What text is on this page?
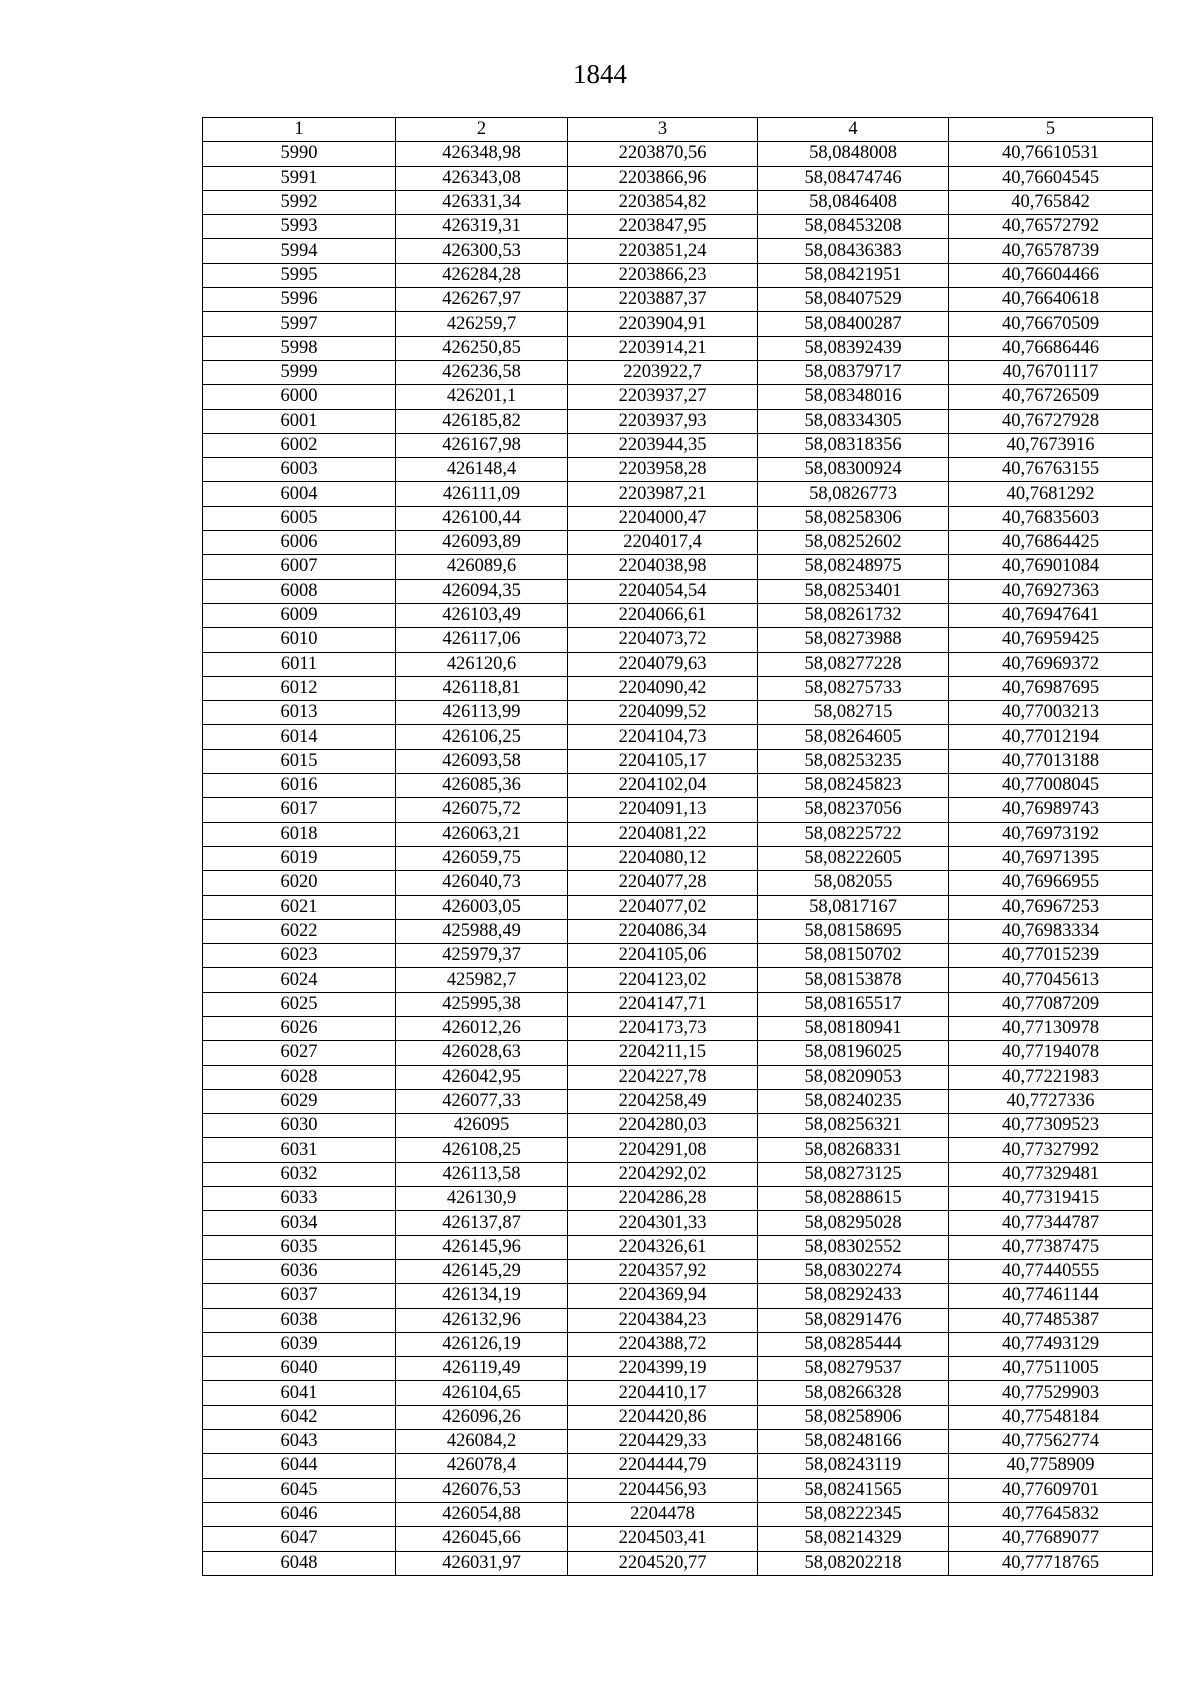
1844
1	2	3	4	5
5990	426348,98	2203870,56	58,0848008	40,76610531
5991	426343,08	2203866,96	58,08474746	40,76604545
5992	426331,34	2203854,82	58,0846408	40,765842
5993	426319,31	2203847,95	58,08453208	40,76572792
5994	426300,53	2203851,24	58,08436383	40,76578739
5995	426284,28	2203866,23	58,08421951	40,76604466
5996	426267,97	2203887,37	58,08407529	40,76640618
5997	426259,7	2203904,91	58,08400287	40,76670509
5998	426250,85	2203914,21	58,08392439	40,76686446
5999	426236,58	2203922,7	58,08379717	40,76701117
6000	426201,1	2203937,27	58,08348016	40,76726509
6001	426185,82	2203937,93	58,08334305	40,76727928
6002	426167,98	2203944,35	58,08318356	40,7673916
6003	426148,4	2203958,28	58,08300924	40,76763155
6004	426111,09	2203987,21	58,0826773	40,7681292
6005	426100,44	2204000,47	58,08258306	40,76835603
6006	426093,89	2204017,4	58,08252602	40,76864425
6007	426089,6	2204038,98	58,08248975	40,76901084
6008	426094,35	2204054,54	58,08253401	40,76927363
6009	426103,49	2204066,61	58,08261732	40,76947641
6010	426117,06	2204073,72	58,08273988	40,76959425
6011	426120,6	2204079,63	58,08277228	40,76969372
6012	426118,81	2204090,42	58,08275733	40,76987695
6013	426113,99	2204099,52	58,082715	40,77003213
6014	426106,25	2204104,73	58,08264605	40,77012194
6015	426093,58	2204105,17	58,08253235	40,77013188
6016	426085,36	2204102,04	58,08245823	40,77008045
6017	426075,72	2204091,13	58,08237056	40,76989743
6018	426063,21	2204081,22	58,08225722	40,76973192
6019	426059,75	2204080,12	58,08222605	40,76971395
6020	426040,73	2204077,28	58,082055	40,76966955
6021	426003,05	2204077,02	58,0817167	40,76967253
6022	425988,49	2204086,34	58,08158695	40,76983334
6023	425979,37	2204105,06	58,08150702	40,77015239
6024	425982,7	2204123,02	58,08153878	40,77045613
6025	425995,38	2204147,71	58,08165517	40,77087209
6026	426012,26	2204173,73	58,08180941	40,77130978
6027	426028,63	2204211,15	58,08196025	40,77194078
6028	426042,95	2204227,78	58,08209053	40,77221983
6029	426077,33	2204258,49	58,08240235	40,7727336
6030	426095	2204280,03	58,08256321	40,77309523
6031	426108,25	2204291,08	58,08268331	40,77327992
6032	426113,58	2204292,02	58,08273125	40,77329481
6033	426130,9	2204286,28	58,08288615	40,77319415
6034	426137,87	2204301,33	58,08295028	40,77344787
6035	426145,96	2204326,61	58,08302552	40,77387475
6036	426145,29	2204357,92	58,08302274	40,77440555
6037	426134,19	2204369,94	58,08292433	40,77461144
6038	426132,96	2204384,23	58,08291476	40,77485387
6039	426126,19	2204388,72	58,08285444	40,77493129
6040	426119,49	2204399,19	58,08279537	40,77511005
6041	426104,65	2204410,17	58,08266328	40,77529903
6042	426096,26	2204420,86	58,08258906	40,77548184
6043	426084,2	2204429,33	58,08248166	40,77562774
6044	426078,4	2204444,79	58,08243119	40,7758909
6045	426076,53	2204456,93	58,08241565	40,77609701
6046	426054,88	2204478	58,08222345	40,77645832
6047	426045,66	2204503,41	58,08214329	40,77689077
6048	426031,97	2204520,77	58,08202218	40,77718765
